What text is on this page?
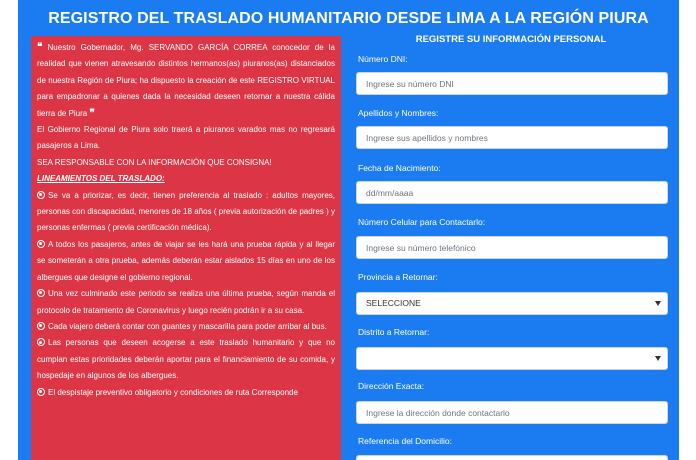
REGISTRO DEL TRASLADO HUMANITARIO DESDE LIMA A LA REGIÓN PIURA

❝ Nuestro Gobernador, Mg. SERVANDO GARCÍA CORREA conocedor de la realidad que vienen atravesando distintos hermanos(as) piuranos(as) distanciados de nuestra Región de Piura; ha dispuesto la creación de este REGISTRO VIRTUAL para empadronar a quienes dada la necesidad deseen retornar a nuestra cálida tierra de Piura ❞

El Gobierno Regional de Piura solo traerá a piuranos varados mas no regresará pasajeros a Lima.

SEA RESPONSABLE CON LA INFORMACIÓN QUE CONSIGNA!

LINEAMIENTOS DEL TRASLADO:

Se va a priorizar, es decir, tienen preferencia al traslado : adultos mayores, personas con discapacidad, menores de 18 años ( previa autorización de padres ) y personas enfermas ( previa certificación médica).

A todos los pasajeros, antes de viajar se les hará una prueba rápida y al llegar se someterán a otra prueba, además deberán estar aislados 15 días en uno de los albergues que designe el gobierno regional.

Una vez culminado este periodo se realiza una última prueba, según manda el protocolo de tratamiento de Coronavirus y luego recién podrán ir a su casa.

Cada viajero deberá contar con guantes y mascarilla para poder arribar al bus.

Las personas que deseen acogerse a este traslado humanitario y que no cumplan estas prioridades deberán aportar para el financiamiento de su comida, y hospedaje en algunos de los albergues.

El despistaje preventivo obligatorio y condiciones de ruta Corresponde

REGISTRE SU INFORMACIÓN PERSONAL
Número DNI:
Ingrese su número DNI
Apellidos y Nombres:
Ingrese sus apellidos y nombres
Fecha de Nacimiento:
dd/mm/aaaa
Número Celular para Contactarlo:
Ingrese su número telefónico
Provincia a Retornar:
SELECCIONE
Distrito a Retornar:
Dirección Exacta:
Ingrese la dirección donde contactarlo
Referencia del Domicilio:
